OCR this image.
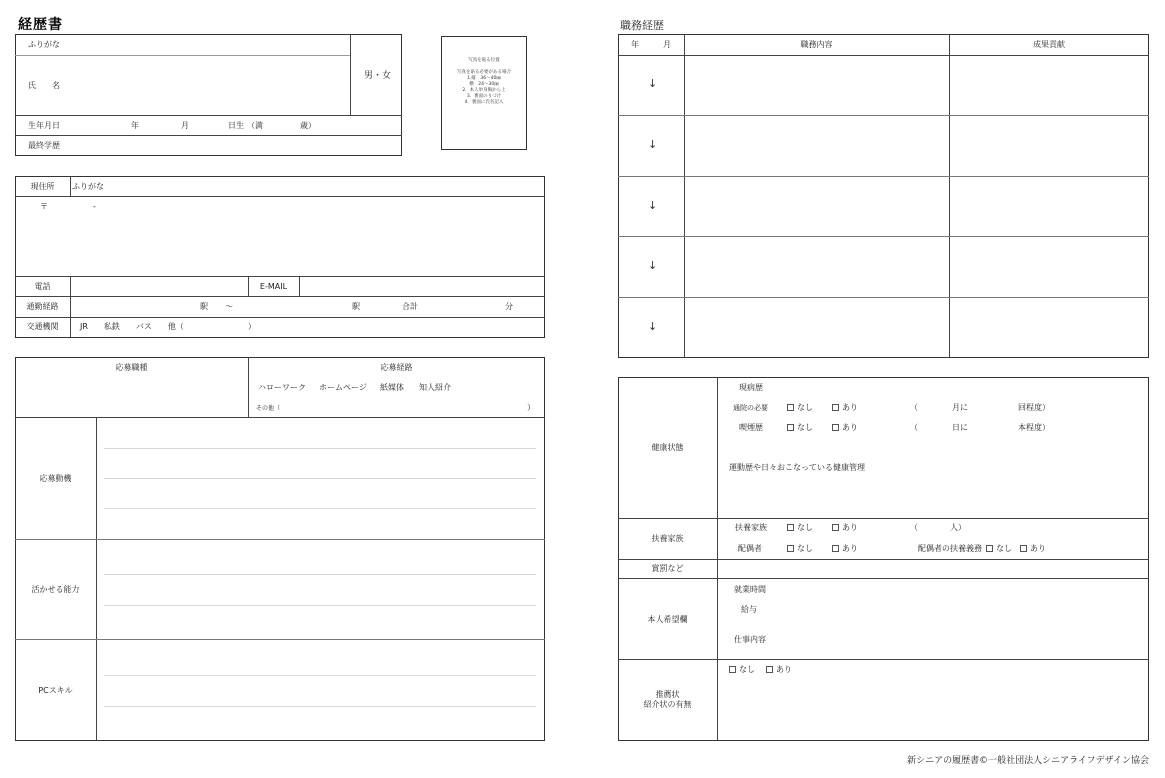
経歴書
ふりがな
氏　　名
男・女
生年月日	年	月	日生 （満	歳）
最終学歴
写真を貼る位置
写真を貼る必要がある場合
1.縦　36〜40㎜
横　24〜30㎜
2．本人単身胸から上
3．裏面のりづけ
4．裏面に氏名記入
現住所	ふりがな
〒	-
電話	E-MAIL
通勤経路	駅 〜	駅	合計	分
交通機関	JR　　私鉄　　バス　　他（　　　　　　　　）
応募職種	応募経路
ハローワーク ホームページ 紙媒体 知人紹介
その他（	）
応募動機
活かせる能力
PCスキル
職務経歴
年　　　月	職務内容	成果貢献
↓
↓
↓
↓
↓
健康状態
現病歴
通院の必要	なし	あり	（	月に	回程度）
喫煙歴	なし	あり	（	日に	本程度）
運動歴や日々おこなっている健康管理
扶養家族
扶養家族	なし	あり	（　　　　人）
配偶者	なし	あり	配偶者の扶養義務	なし	あり
賞罰など
本人希望欄
就業時間
給与
仕事内容
推薦状
紹介状の有無
なし	あり
新シニアの履歴書©一般社団法人シニアライフデザイン協会
